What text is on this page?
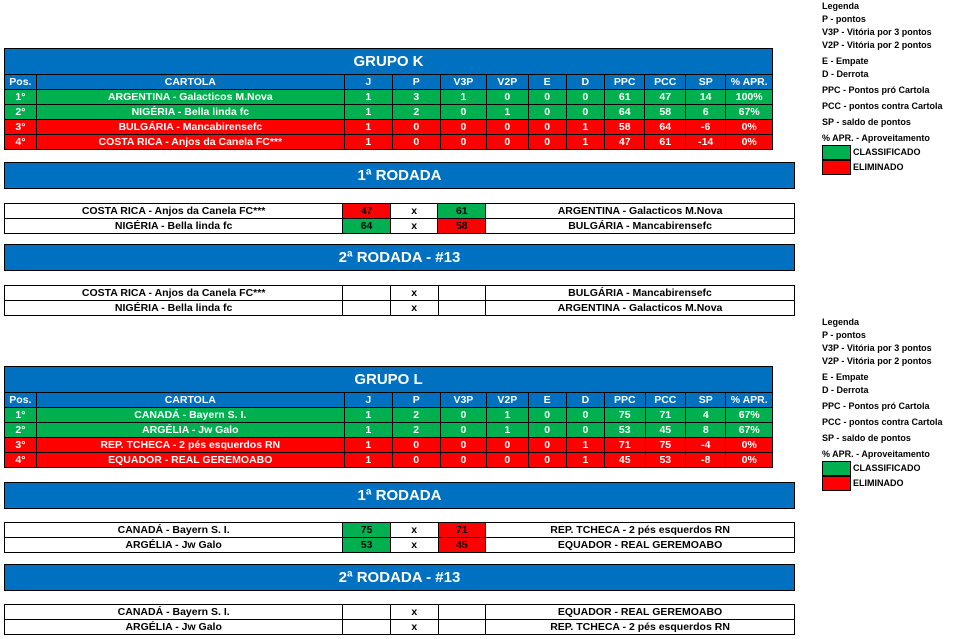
Legenda
P - pontos
V3P - Vitória por 3 pontos
V2P - Vitória por 2 pontos
E - Empate
D - Derrota
PPC - Pontos pró Cartola
PCC - pontos contra Cartola
SP - saldo de pontos
% APR. - Aproveitamento
CLASSIFICADO
ELIMINADO
GRUPO K
Pos.	CARTOLA	J	P	V3P	V2P	E	D	PPC	PCC	SP	% APR.
1°	ARGENTINA - Galacticos M.Nova	1	3	1	0	0	0	61	47	14	100%
2°	NIGÉRIA - Bella linda fc	1	2	0	1	0	0	64	58	6	67%
3°	BULGÁRIA - Mancabirensefc	1	0	0	0	0	1	58	64	-6	0%
4°	COSTA RICA - Anjos da Canela FC***	1	0	0	0	0	1	47	61	-14	0%
1ª RODADA
COSTA RICA - Anjos da Canela FC***	47	x	61	ARGENTINA - Galacticos M.Nova
NIGÉRIA - Bella linda fc	64	x	58	BULGÁRIA - Mancabirensefc
2ª RODADA - #13
COSTA RICA - Anjos da Canela FC***		x		BULGÁRIA - Mancabirensefc
NIGÉRIA - Bella linda fc		x		ARGENTINA - Galacticos M.Nova
Legenda
P - pontos
V3P - Vitória por 3 pontos
V2P - Vitória por 2 pontos
E - Empate
D - Derrota
PPC - Pontos pró Cartola
PCC - pontos contra Cartola
SP - saldo de pontos
% APR. - Aproveitamento
CLASSIFICADO
ELIMINADO
GRUPO L
Pos.	CARTOLA	J	P	V3P	V2P	E	D	PPC	PCC	SP	% APR.
1°	CANADÁ - Bayern S. I.	1	2	0	1	0	0	75	71	4	67%
2°	ARGÉLIA - Jw Galo	1	2	0	1	0	0	53	45	8	67%
3°	REP. TCHECA - 2 pés esquerdos RN	1	0	0	0	0	1	71	75	-4	0%
4°	EQUADOR - REAL GEREMOABO	1	0	0	0	0	1	45	53	-8	0%
1ª RODADA
CANADÁ - Bayern S. I.	75	x	71	REP. TCHECA - 2 pés esquerdos RN
ARGÉLIA - Jw Galo	53	x	45	EQUADOR - REAL GEREMOABO
2ª RODADA - #13
CANADÁ - Bayern S. I.		x		EQUADOR - REAL GEREMOABO
ARGÉLIA - Jw Galo		x		REP. TCHECA - 2 pés esquerdos RN
